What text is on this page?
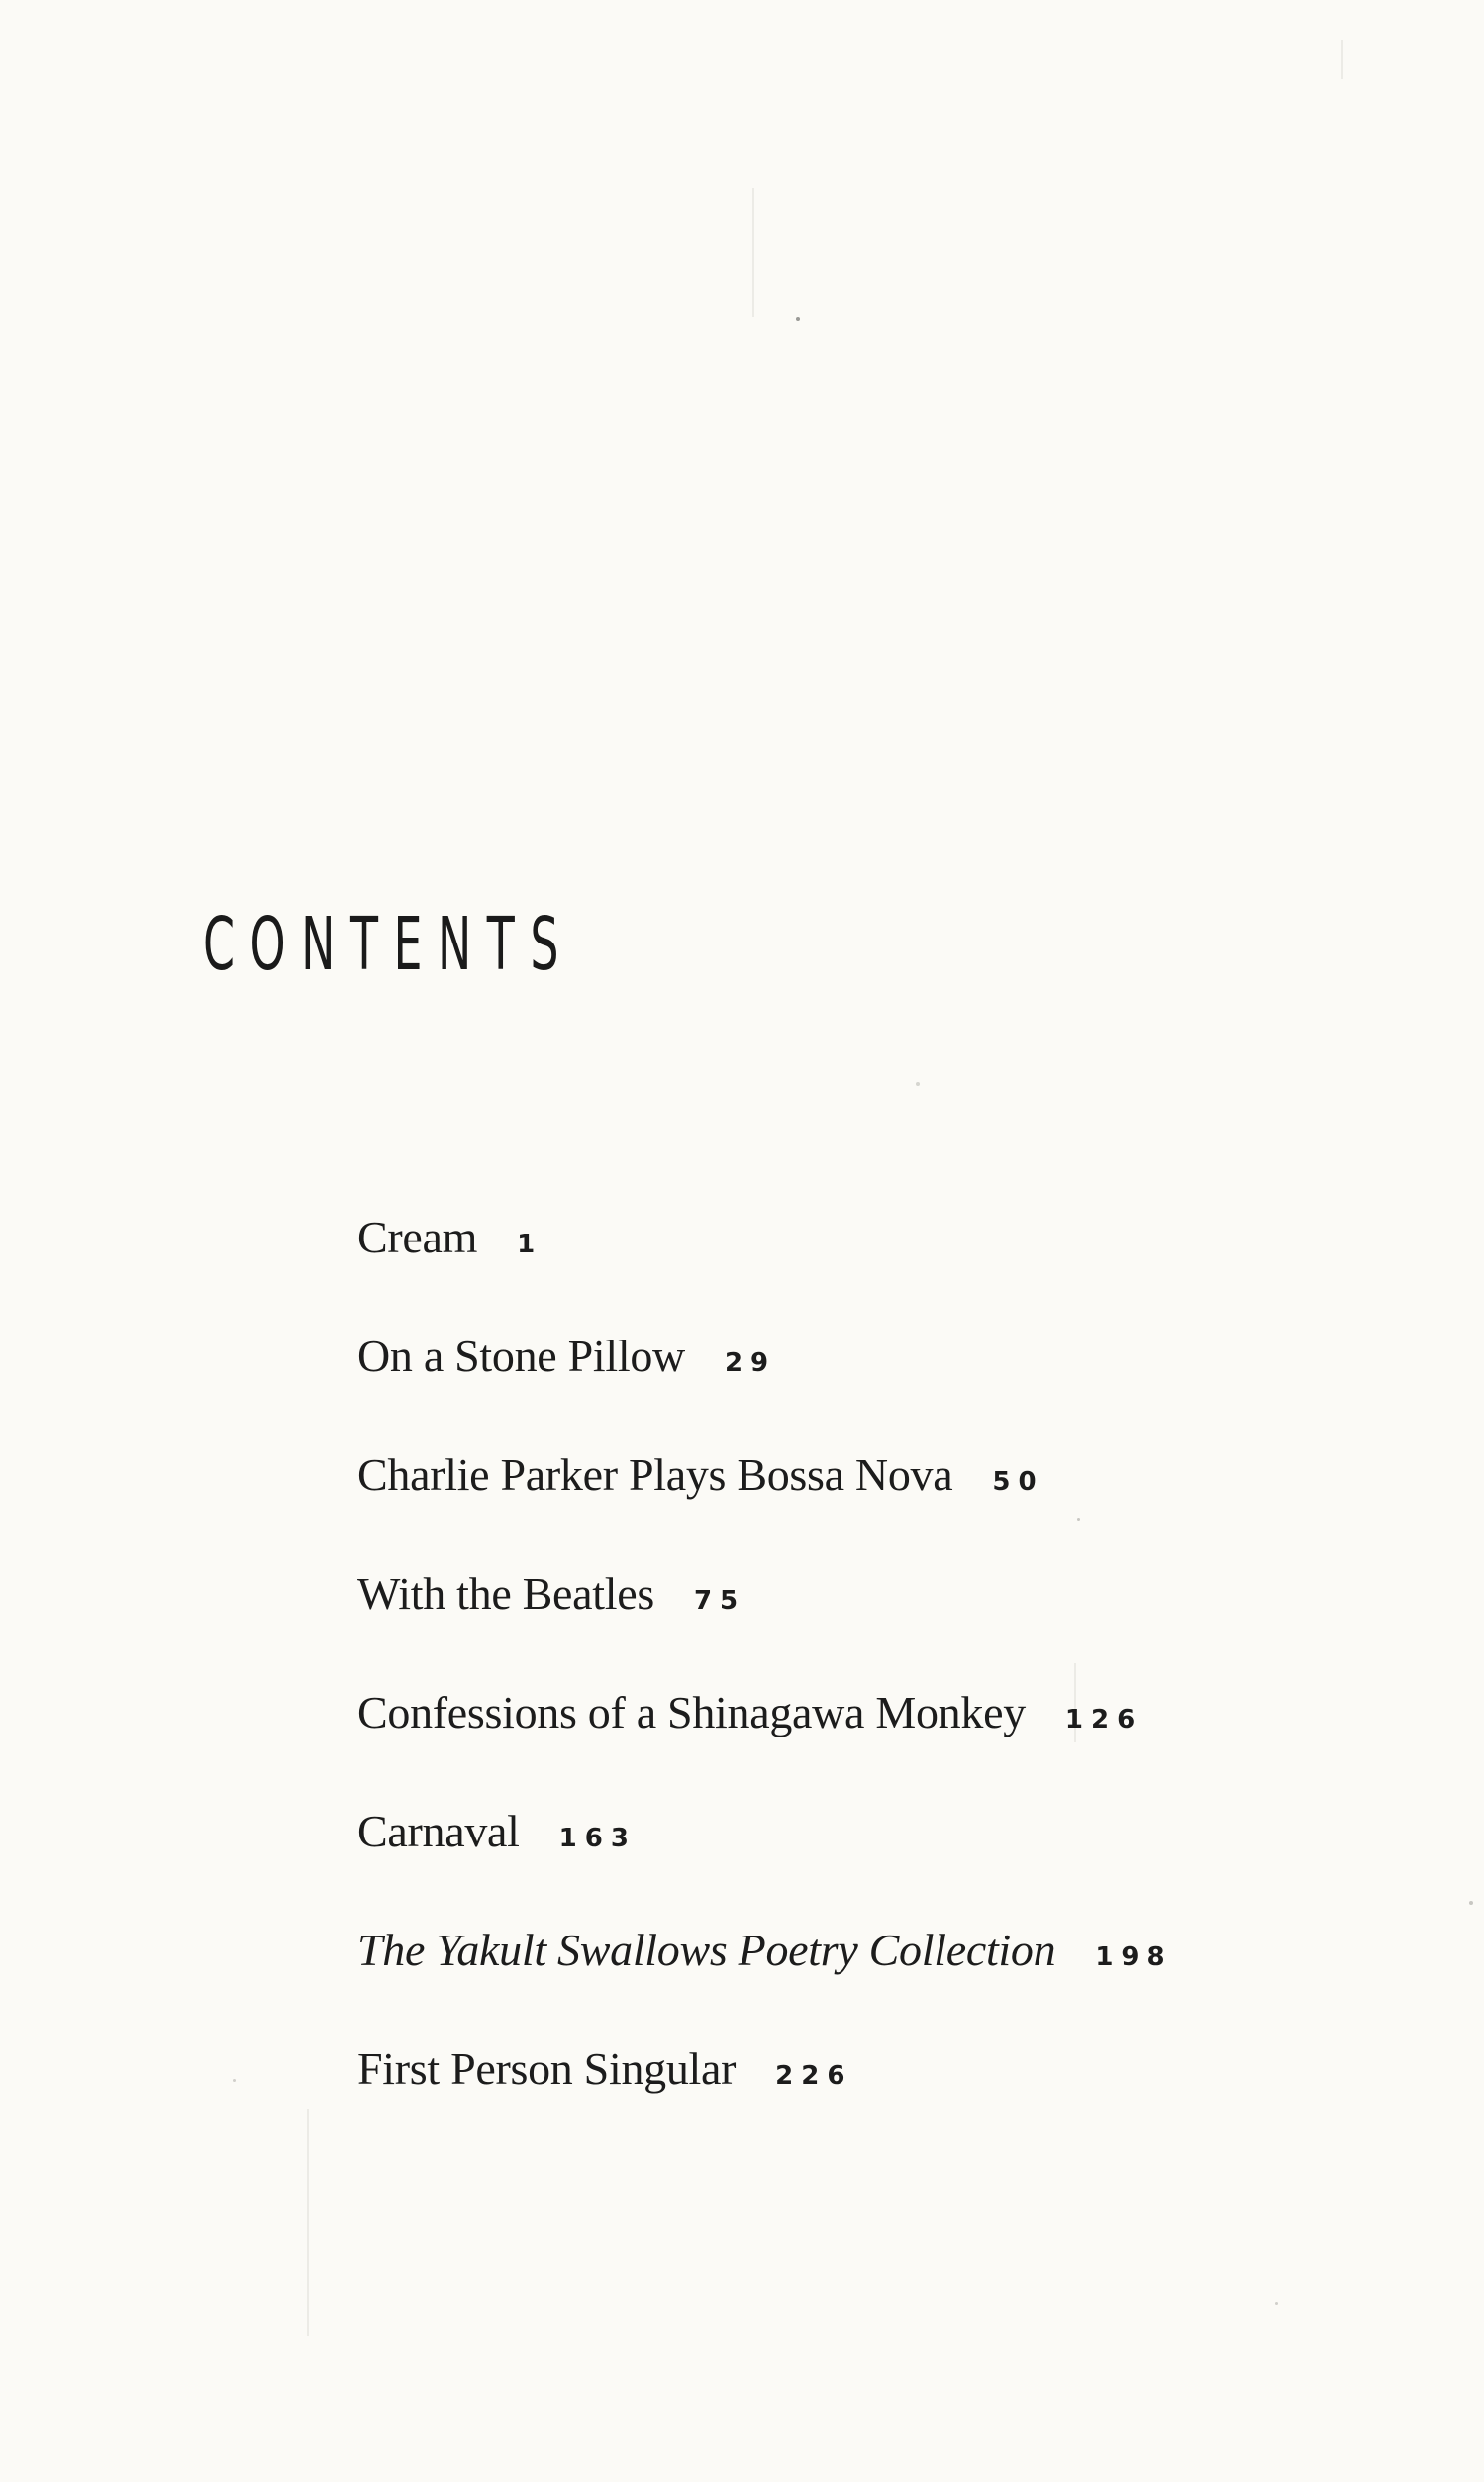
CONTENTS
Cream 1
On a Stone Pillow 29
Charlie Parker Plays Bossa Nova 50
With the Beatles 75
Confessions of a Shinagawa Monkey 126
Carnaval 163
The Yakult Swallows Poetry Collection 198
First Person Singular 226
